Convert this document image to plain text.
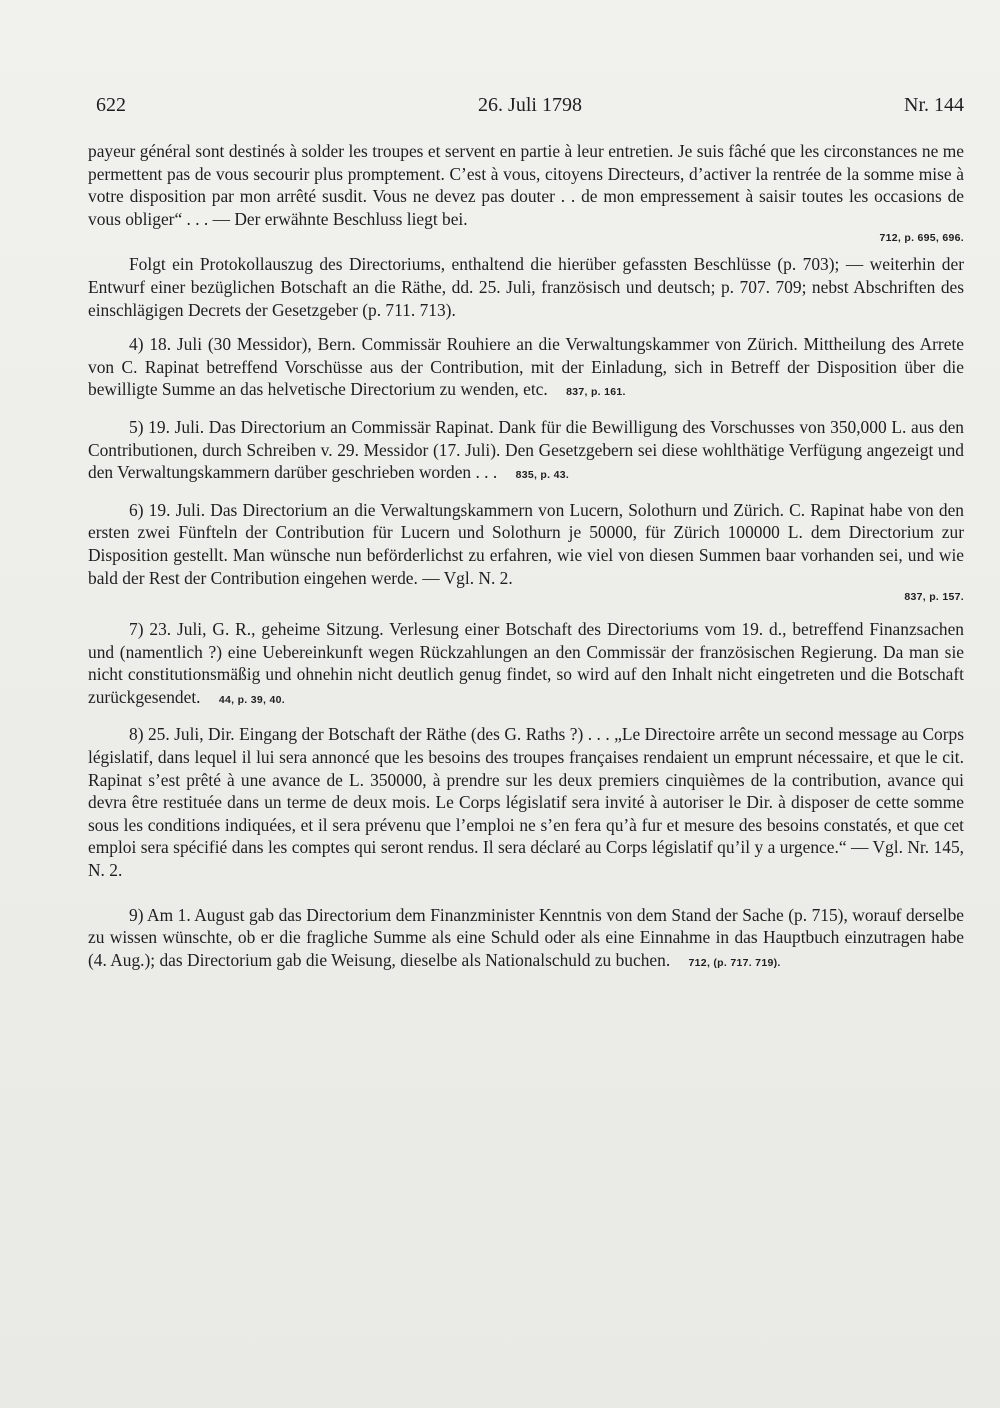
622	26. Juli 1798	Nr. 144

payeur général sont destinés à solder les troupes et servent en partie à leur entretien. Je suis fâché que les circonstances ne me permettent pas de vous secourir plus promptement. C’est à vous, citoyens Directeurs, d’activer la rentrée de la somme mise à votre disposition par mon arrêté susdit. Vous ne devez pas douter . . de mon empressement à saisir toutes les occasions de vous obliger“ . . . — Der erwähnte Beschluss liegt bei.
712, p. 695, 696.

Folgt ein Protokollauszug des Directoriums, enthaltend die hierüber gefassten Beschlüsse (p. 703); — weiterhin der Entwurf einer bezüglichen Botschaft an die Räthe, dd. 25. Juli, französisch und deutsch; p. 707. 709; nebst Abschriften des einschlägigen Decrets der Gesetzgeber (p. 711. 713).

4) 18. Juli (30 Messidor), Bern. Commissär Rouhiere an die Verwaltungskammer von Zürich. Mittheilung des Arrete von C. Rapinat betreffend Vorschüsse aus der Contribution, mit der Einladung, sich in Betreff der Disposition über die bewilligte Summe an das helvetische Directorium zu wenden, etc. 837, p. 161.

5) 19. Juli. Das Directorium an Commissär Rapinat. Dank für die Bewilligung des Vorschusses von 350,000 L. aus den Contributionen, durch Schreiben v. 29. Messidor (17. Juli). Den Gesetzgebern sei diese wohlthätige Verfügung angezeigt und den Verwaltungskammern darüber geschrieben worden . . . 835, p. 43.

6) 19. Juli. Das Directorium an die Verwaltungskammern von Lucern, Solothurn und Zürich. C. Rapinat habe von den ersten zwei Fünfteln der Contribution für Lucern und Solothurn je 50000, für Zürich 100000 L. dem Directorium zur Disposition gestellt. Man wünsche nun beförderlichst zu erfahren, wie viel von diesen Summen baar vorhanden sei, und wie bald der Rest der Contribution eingehen werde. — Vgl. N. 2.
837, p. 157.

7) 23. Juli, G. R., geheime Sitzung. Verlesung einer Botschaft des Directoriums vom 19. d., betreffend Finanzsachen und (namentlich ?) eine Uebereinkunft wegen Rückzahlungen an den Commissär der französischen Regierung. Da man sie nicht constitutionsmäßig und ohnehin nicht deutlich genug findet, so wird auf den Inhalt nicht eingetreten und die Botschaft zurückgesendet. 44, p. 39, 40.

8) 25. Juli, Dir. Eingang der Botschaft der Räthe (des G. Raths ?) . . . „Le Directoire arrête un second message au Corps législatif, dans lequel il lui sera annoncé que les besoins des troupes françaises rendaient un emprunt nécessaire, et que le cit. Rapinat s’est prêté à une avance de L. 350000, à prendre sur les deux premiers cinquièmes de la contribution, avance qui devra être restituée dans un terme de deux mois. Le Corps législatif sera invité à autoriser le Dir. à disposer de cette somme sous les conditions indiquées, et il sera prévenu que l’emploi ne s’en fera qu’à fur et mesure des besoins constatés, et que cet emploi sera spécifié dans les comptes qui seront rendus. Il sera déclaré au Corps législatif qu’il y a urgence.“ — Vgl. Nr. 145, N. 2.

9) Am 1. August gab das Directorium dem Finanzminister Kenntnis von dem Stand der Sache (p. 715), worauf derselbe zu wissen wünschte, ob er die fragliche Summe als eine Schuld oder als eine Einnahme in das Hauptbuch einzutragen habe (4. Aug.); das Directorium gab die Weisung, dieselbe als Nationalschuld zu buchen. 712, (p. 717. 719).
